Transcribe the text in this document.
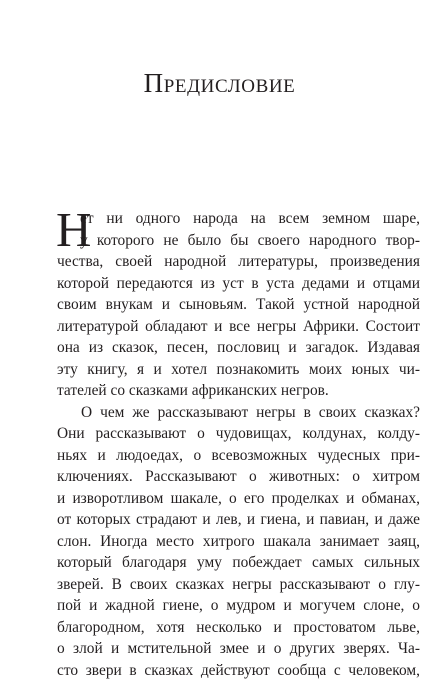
Предисловие
Н
ет ни одного народа на всем земном шаре,
у которого не было бы своего народного твор-
чества, своей народной литературы, произведения
которой передаются из уст в уста дедами и отцами
своим внукам и сыновьям. Такой устной народной
литературой обладают и все негры Африки. Состоит
она из сказок, песен, пословиц и загадок. Издавая
эту книгу, я и хотел познакомить моих юных чи-
тателей со сказками африканских негров.
О чем же рассказывают негры в своих сказках?
Они рассказывают о чудовищах, колдунах, колду-
ньях и людоедах, о всевозможных чудесных при-
ключениях. Рассказывают о животных: о хитром
и изворотливом шакале, о его проделках и обманах,
от которых страдают и лев, и гиена, и павиан, и даже
слон. Иногда место хитрого шакала занимает заяц,
который благодаря уму побеждает самых сильных
зверей. В своих сказках негры рассказывают о глу-
пой и жадной гиене, о мудром и могучем слоне, о
благородном, хотя несколько и простоватом льве,
о злой и мстительной змее и о других зверях. Ча-
сто звери в сказках действуют сообща с человеком,
